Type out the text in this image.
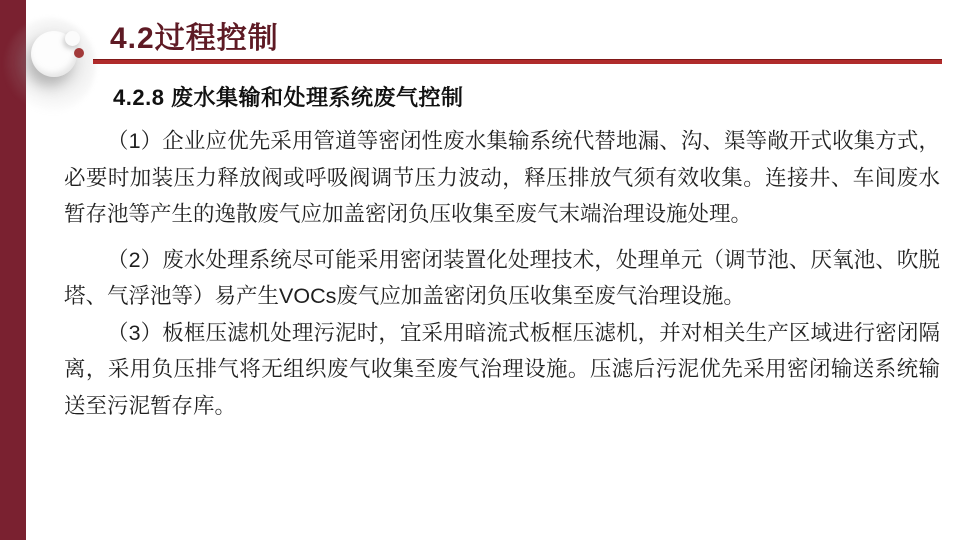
4.2过程控制
4.2.8 废水集输和处理系统废气控制

（1）企业应优先采用管道等密闭性废水集输系统代替地漏、沟、渠等敞开式收集方式，必要时加装压力释放阀或呼吸阀调节压力波动，释压排放气须有效收集。连接井、车间废水暂存池等产生的逸散废气应加盖密闭负压收集至废气末端治理设施处理。

（2）废水处理系统尽可能采用密闭装置化处理技术，处理单元（调节池、厌氧池、吹脱塔、气浮池等）易产生VOCs废气应加盖密闭负压收集至废气治理设施。

（3）板框压滤机处理污泥时，宜采用暗流式板框压滤机，并对相关生产区域进行密闭隔离，采用负压排气将无组织废气收集至废气治理设施。压滤后污泥优先采用密闭输送系统输送至污泥暂存库。
